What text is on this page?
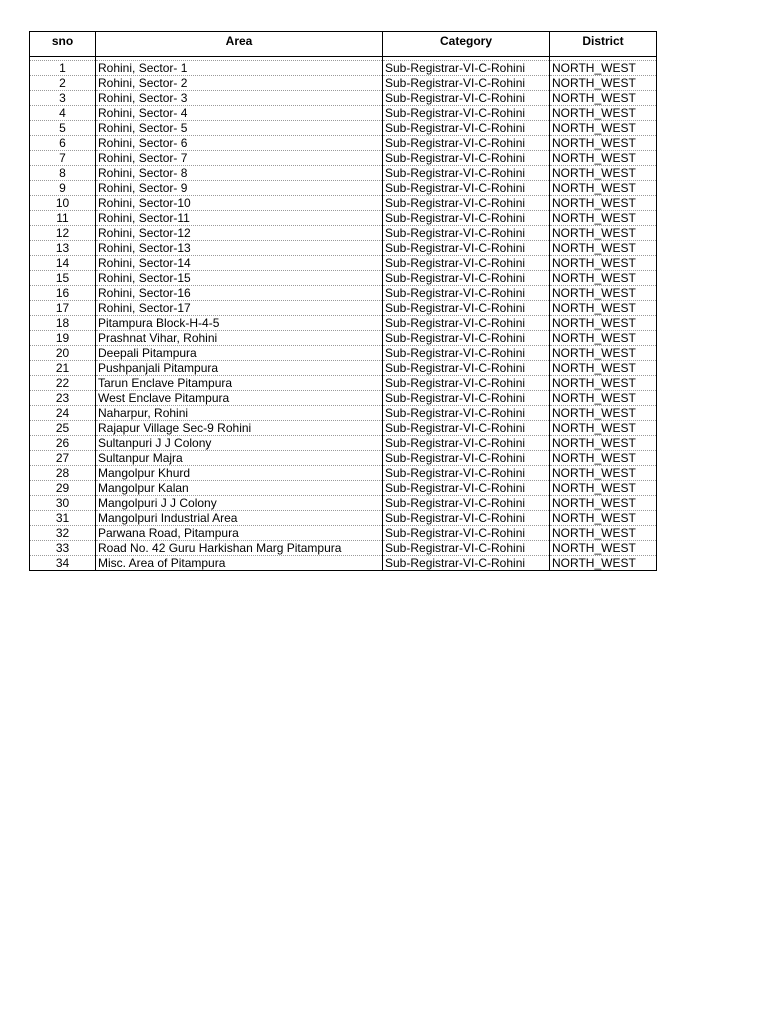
sno	Area	Category	District

1	Rohini, Sector- 1	Sub-Registrar-VI-C-Rohini	NORTH_WEST
2	Rohini, Sector- 2	Sub-Registrar-VI-C-Rohini	NORTH_WEST
3	Rohini, Sector- 3	Sub-Registrar-VI-C-Rohini	NORTH_WEST
4	Rohini, Sector- 4	Sub-Registrar-VI-C-Rohini	NORTH_WEST
5	Rohini, Sector- 5	Sub-Registrar-VI-C-Rohini	NORTH_WEST
6	Rohini, Sector- 6	Sub-Registrar-VI-C-Rohini	NORTH_WEST
7	Rohini, Sector- 7	Sub-Registrar-VI-C-Rohini	NORTH_WEST
8	Rohini, Sector- 8	Sub-Registrar-VI-C-Rohini	NORTH_WEST
9	Rohini, Sector- 9	Sub-Registrar-VI-C-Rohini	NORTH_WEST
10	Rohini, Sector-10	Sub-Registrar-VI-C-Rohini	NORTH_WEST
11	Rohini, Sector-11	Sub-Registrar-VI-C-Rohini	NORTH_WEST
12	Rohini, Sector-12	Sub-Registrar-VI-C-Rohini	NORTH_WEST
13	Rohini, Sector-13	Sub-Registrar-VI-C-Rohini	NORTH_WEST
14	Rohini, Sector-14	Sub-Registrar-VI-C-Rohini	NORTH_WEST
15	Rohini, Sector-15	Sub-Registrar-VI-C-Rohini	NORTH_WEST
16	Rohini, Sector-16	Sub-Registrar-VI-C-Rohini	NORTH_WEST
17	Rohini, Sector-17	Sub-Registrar-VI-C-Rohini	NORTH_WEST
18	Pitampura Block-H-4-5	Sub-Registrar-VI-C-Rohini	NORTH_WEST
19	Prashnat Vihar, Rohini	Sub-Registrar-VI-C-Rohini	NORTH_WEST
20	Deepali Pitampura	Sub-Registrar-VI-C-Rohini	NORTH_WEST
21	Pushpanjali Pitampura	Sub-Registrar-VI-C-Rohini	NORTH_WEST
22	Tarun Enclave Pitampura	Sub-Registrar-VI-C-Rohini	NORTH_WEST
23	West Enclave Pitampura	Sub-Registrar-VI-C-Rohini	NORTH_WEST
24	Naharpur, Rohini	Sub-Registrar-VI-C-Rohini	NORTH_WEST
25	Rajapur Village Sec-9 Rohini	Sub-Registrar-VI-C-Rohini	NORTH_WEST
26	Sultanpuri J J Colony	Sub-Registrar-VI-C-Rohini	NORTH_WEST
27	Sultanpur Majra	Sub-Registrar-VI-C-Rohini	NORTH_WEST
28	Mangolpur Khurd	Sub-Registrar-VI-C-Rohini	NORTH_WEST
29	Mangolpur Kalan	Sub-Registrar-VI-C-Rohini	NORTH_WEST
30	Mangolpuri J J Colony	Sub-Registrar-VI-C-Rohini	NORTH_WEST
31	Mangolpuri Industrial Area	Sub-Registrar-VI-C-Rohini	NORTH_WEST
32	Parwana Road, Pitampura	Sub-Registrar-VI-C-Rohini	NORTH_WEST
33	Road No. 42 Guru Harkishan Marg Pitampura	Sub-Registrar-VI-C-Rohini	NORTH_WEST
34	Misc. Area of Pitampura	Sub-Registrar-VI-C-Rohini	NORTH_WEST
